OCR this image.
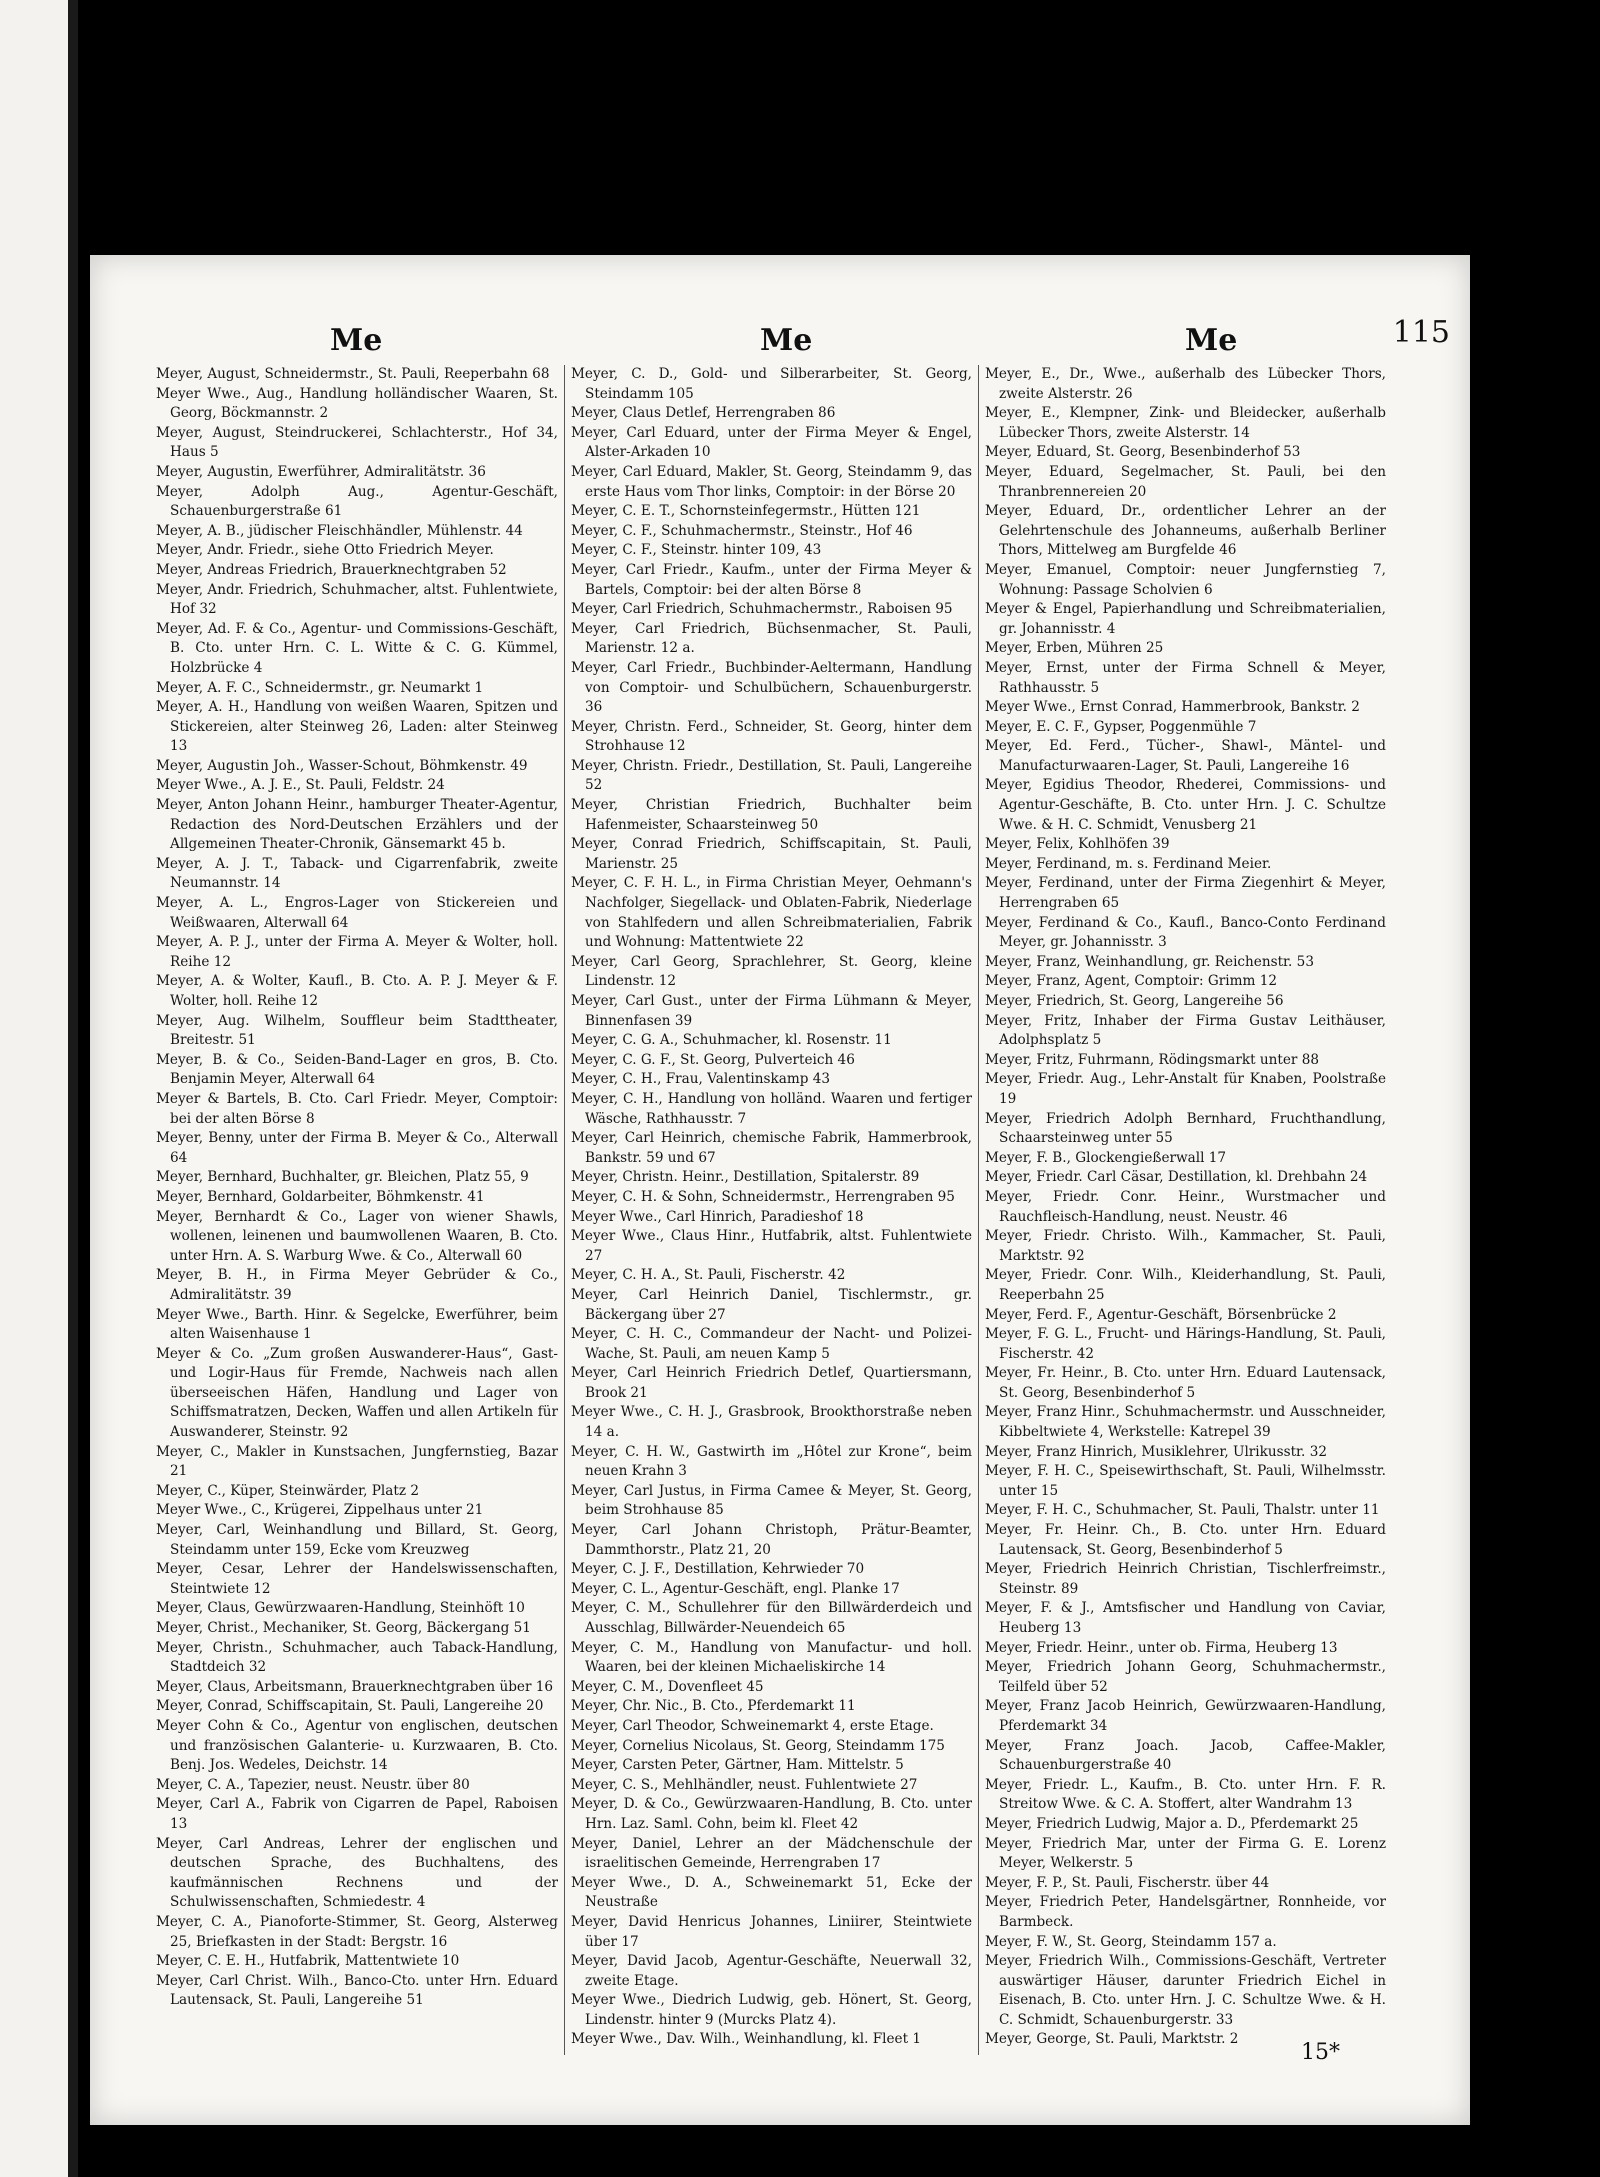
Me	Me	Me	115

Meyer, August, Schneidermstr., St. Pauli, Reeperbahn 68

Meyer Wwe., Aug., Handlung holländischer Waaren, St. Georg, Böckmannstr. 2

Meyer, August, Steindruckerei, Schlachterstr., Hof 34, Haus 5

Meyer, Augustin, Ewerführer, Admiralitätstr. 36

Meyer, Adolph Aug., Agentur-Geschäft, Schauenburgerstraße 61

Meyer, A. B., jüdischer Fleischhändler, Mühlenstr. 44

Meyer, Andr. Friedr., siehe Otto Friedrich Meyer.

Meyer, Andreas Friedrich, Brauerknechtgraben 52

Meyer, Andr. Friedrich, Schuhmacher, altst. Fuhlentwiete, Hof 32

Meyer, Ad. F. & Co., Agentur- und Commissions-Geschäft, B. Cto. unter Hrn. C. L. Witte & C. G. Kümmel, Holzbrücke 4

Meyer, A. F. C., Schneidermstr., gr. Neumarkt 1

Meyer, A. H., Handlung von weißen Waaren, Spitzen und Stickereien, alter Steinweg 26, Laden: alter Steinweg 13

Meyer, Augustin Joh., Wasser-Schout, Böhmkenstr. 49

Meyer Wwe., A. J. E., St. Pauli, Feldstr. 24

Meyer, Anton Johann Heinr., hamburger Theater-Agentur, Redaction des Nord-Deutschen Erzählers und der Allgemeinen Theater-Chronik, Gänsemarkt 45 b.

Meyer, A. J. T., Taback- und Cigarrenfabrik, zweite Neumannstr. 14

Meyer, A. L., Engros-Lager von Stickereien und Weißwaaren, Alterwall 64

Meyer, A. P. J., unter der Firma A. Meyer & Wolter, holl. Reihe 12

Meyer, A. & Wolter, Kaufl., B. Cto. A. P. J. Meyer & F. Wolter, holl. Reihe 12

Meyer, Aug. Wilhelm, Souffleur beim Stadttheater, Breitestr. 51

Meyer, B. & Co., Seiden-Band-Lager en gros, B. Cto. Benjamin Meyer, Alterwall 64

Meyer & Bartels, B. Cto. Carl Friedr. Meyer, Comptoir: bei der alten Börse 8

Meyer, Benny, unter der Firma B. Meyer & Co., Alterwall 64

Meyer, Bernhard, Buchhalter, gr. Bleichen, Platz 55, 9

Meyer, Bernhard, Goldarbeiter, Böhmkenstr. 41

Meyer, Bernhardt & Co., Lager von wiener Shawls, wollenen, leinenen und baumwollenen Waaren, B. Cto. unter Hrn. A. S. Warburg Wwe. & Co., Alterwall 60

Meyer, B. H., in Firma Meyer Gebrüder & Co., Admiralitätstr. 39

Meyer Wwe., Barth. Hinr. & Segelcke, Ewerführer, beim alten Waisenhause 1

Meyer & Co. „Zum großen Auswanderer-Haus“, Gast- und Logir-Haus für Fremde, Nachweis nach allen überseeischen Häfen, Handlung und Lager von Schiffsmatratzen, Decken, Waffen und allen Artikeln für Auswanderer, Steinstr. 92

Meyer, C., Makler in Kunstsachen, Jungfernstieg, Bazar 21

Meyer, C., Küper, Steinwärder, Platz 2

Meyer Wwe., C., Krügerei, Zippelhaus unter 21

Meyer, Carl, Weinhandlung und Billard, St. Georg, Steindamm unter 159, Ecke vom Kreuzweg

Meyer, Cesar, Lehrer der Handelswissenschaften, Steintwiete 12

Meyer, Claus, Gewürzwaaren-Handlung, Steinhöft 10

Meyer, Christ., Mechaniker, St. Georg, Bäckergang 51

Meyer, Christn., Schuhmacher, auch Taback-Handlung, Stadtdeich 32

Meyer, Claus, Arbeitsmann, Brauerknechtgraben über 16

Meyer, Conrad, Schiffscapitain, St. Pauli, Langereihe 20

Meyer Cohn & Co., Agentur von englischen, deutschen und französischen Galanterie- u. Kurzwaaren, B. Cto. Benj. Jos. Wedeles, Deichstr. 14

Meyer, C. A., Tapezier, neust. Neustr. über 80

Meyer, Carl A., Fabrik von Cigarren de Papel, Raboisen 13

Meyer, Carl Andreas, Lehrer der englischen und deutschen Sprache, des Buchhaltens, des kaufmännischen Rechnens und der Schulwissenschaften, Schmiedestr. 4

Meyer, C. A., Pianoforte-Stimmer, St. Georg, Alsterweg 25, Briefkasten in der Stadt: Bergstr. 16

Meyer, C. E. H., Hutfabrik, Mattentwiete 10

Meyer, Carl Christ. Wilh., Banco-Cto. unter Hrn. Eduard Lautensack, St. Pauli, Langereihe 51

Meyer, C. D., Gold- und Silberarbeiter, St. Georg, Steindamm 105

Meyer, Claus Detlef, Herrengraben 86

Meyer, Carl Eduard, unter der Firma Meyer & Engel, Alster-Arkaden 10

Meyer, Carl Eduard, Makler, St. Georg, Steindamm 9, das erste Haus vom Thor links, Comptoir: in der Börse 20

Meyer, C. E. T., Schornsteinfegermstr., Hütten 121

Meyer, C. F., Schuhmachermstr., Steinstr., Hof 46

Meyer, C. F., Steinstr. hinter 109, 43

Meyer, Carl Friedr., Kaufm., unter der Firma Meyer & Bartels, Comptoir: bei der alten Börse 8

Meyer, Carl Friedrich, Schuhmachermstr., Raboisen 95

Meyer, Carl Friedrich, Büchsenmacher, St. Pauli, Marienstr. 12 a.

Meyer, Carl Friedr., Buchbinder-Aeltermann, Handlung von Comptoir- und Schulbüchern, Schauenburgerstr. 36

Meyer, Christn. Ferd., Schneider, St. Georg, hinter dem Strohhause 12

Meyer, Christn. Friedr., Destillation, St. Pauli, Langereihe 52

Meyer, Christian Friedrich, Buchhalter beim Hafenmeister, Schaarsteinweg 50

Meyer, Conrad Friedrich, Schiffscapitain, St. Pauli, Marienstr. 25

Meyer, C. F. H. L., in Firma Christian Meyer, Oehmann's Nachfolger, Siegellack- und Oblaten-Fabrik, Niederlage von Stahlfedern und allen Schreibmaterialien, Fabrik und Wohnung: Mattentwiete 22

Meyer, Carl Georg, Sprachlehrer, St. Georg, kleine Lindenstr. 12

Meyer, Carl Gust., unter der Firma Lühmann & Meyer, Binnenfasen 39

Meyer, C. G. A., Schuhmacher, kl. Rosenstr. 11

Meyer, C. G. F., St. Georg, Pulverteich 46

Meyer, C. H., Frau, Valentinskamp 43

Meyer, C. H., Handlung von holländ. Waaren und fertiger Wäsche, Rathhausstr. 7

Meyer, Carl Heinrich, chemische Fabrik, Hammerbrook, Bankstr. 59 und 67

Meyer, Christn. Heinr., Destillation, Spitalerstr. 89

Meyer, C. H. & Sohn, Schneidermstr., Herrengraben 95

Meyer Wwe., Carl Hinrich, Paradieshof 18

Meyer Wwe., Claus Hinr., Hutfabrik, altst. Fuhlentwiete 27

Meyer, C. H. A., St. Pauli, Fischerstr. 42

Meyer, Carl Heinrich Daniel, Tischlermstr., gr. Bäckergang über 27

Meyer, C. H. C., Commandeur der Nacht- und Polizei-Wache, St. Pauli, am neuen Kamp 5

Meyer, Carl Heinrich Friedrich Detlef, Quartiersmann, Brook 21

Meyer Wwe., C. H. J., Grasbrook, Brookthorstraße neben 14 a.

Meyer, C. H. W., Gastwirth im „Hôtel zur Krone“, beim neuen Krahn 3

Meyer, Carl Justus, in Firma Camee & Meyer, St. Georg, beim Strohhause 85

Meyer, Carl Johann Christoph, Prätur-Beamter, Dammthorstr., Platz 21, 20

Meyer, C. J. F., Destillation, Kehrwieder 70

Meyer, C. L., Agentur-Geschäft, engl. Planke 17

Meyer, C. M., Schullehrer für den Billwärderdeich und Ausschlag, Billwärder-Neuendeich 65

Meyer, C. M., Handlung von Manufactur- und holl. Waaren, bei der kleinen Michaeliskirche 14

Meyer, C. M., Dovenfleet 45

Meyer, Chr. Nic., B. Cto., Pferdemarkt 11

Meyer, Carl Theodor, Schweinemarkt 4, erste Etage.

Meyer, Cornelius Nicolaus, St. Georg, Steindamm 175

Meyer, Carsten Peter, Gärtner, Ham. Mittelstr. 5

Meyer, C. S., Mehlhändler, neust. Fuhlentwiete 27

Meyer, D. & Co., Gewürzwaaren-Handlung, B. Cto. unter Hrn. Laz. Saml. Cohn, beim kl. Fleet 42

Meyer, Daniel, Lehrer an der Mädchenschule der israelitischen Gemeinde, Herrengraben 17

Meyer Wwe., D. A., Schweinemarkt 51, Ecke der Neustraße

Meyer, David Henricus Johannes, Liniirer, Steintwiete über 17

Meyer, David Jacob, Agentur-Geschäfte, Neuerwall 32, zweite Etage.

Meyer Wwe., Diedrich Ludwig, geb. Hönert, St. Georg, Lindenstr. hinter 9 (Murcks Platz 4).

Meyer Wwe., Dav. Wilh., Weinhandlung, kl. Fleet 1

Meyer, E., Dr., Wwe., außerhalb des Lübecker Thors, zweite Alsterstr. 26

Meyer, E., Klempner, Zink- und Bleidecker, außerhalb Lübecker Thors, zweite Alsterstr. 14

Meyer, Eduard, St. Georg, Besenbinderhof 53

Meyer, Eduard, Segelmacher, St. Pauli, bei den Thranbrennereien 20

Meyer, Eduard, Dr., ordentlicher Lehrer an der Gelehrtenschule des Johanneums, außerhalb Berliner Thors, Mittelweg am Burgfelde 46

Meyer, Emanuel, Comptoir: neuer Jungfernstieg 7, Wohnung: Passage Scholvien 6

Meyer & Engel, Papierhandlung und Schreibmaterialien, gr. Johannisstr. 4

Meyer, Erben, Mühren 25

Meyer, Ernst, unter der Firma Schnell & Meyer, Rathhausstr. 5

Meyer Wwe., Ernst Conrad, Hammerbrook, Bankstr. 2

Meyer, E. C. F., Gypser, Poggenmühle 7

Meyer, Ed. Ferd., Tücher-, Shawl-, Mäntel- und Manufacturwaaren-Lager, St. Pauli, Langereihe 16

Meyer, Egidius Theodor, Rhederei, Commissions- und Agentur-Geschäfte, B. Cto. unter Hrn. J. C. Schultze Wwe. & H. C. Schmidt, Venusberg 21

Meyer, Felix, Kohlhöfen 39

Meyer, Ferdinand, m. s. Ferdinand Meier.

Meyer, Ferdinand, unter der Firma Ziegenhirt & Meyer, Herrengraben 65

Meyer, Ferdinand & Co., Kaufl., Banco-Conto Ferdinand Meyer, gr. Johannisstr. 3

Meyer, Franz, Weinhandlung, gr. Reichenstr. 53

Meyer, Franz, Agent, Comptoir: Grimm 12

Meyer, Friedrich, St. Georg, Langereihe 56

Meyer, Fritz, Inhaber der Firma Gustav Leithäuser, Adolphsplatz 5

Meyer, Fritz, Fuhrmann, Rödingsmarkt unter 88

Meyer, Friedr. Aug., Lehr-Anstalt für Knaben, Poolstraße 19

Meyer, Friedrich Adolph Bernhard, Fruchthandlung, Schaarsteinweg unter 55

Meyer, F. B., Glockengießerwall 17

Meyer, Friedr. Carl Cäsar, Destillation, kl. Drehbahn 24

Meyer, Friedr. Conr. Heinr., Wurstmacher und Rauchfleisch-Handlung, neust. Neustr. 46

Meyer, Friedr. Christo. Wilh., Kammacher, St. Pauli, Marktstr. 92

Meyer, Friedr. Conr. Wilh., Kleiderhandlung, St. Pauli, Reeperbahn 25

Meyer, Ferd. F., Agentur-Geschäft, Börsenbrücke 2

Meyer, F. G. L., Frucht- und Härings-Handlung, St. Pauli, Fischerstr. 42

Meyer, Fr. Heinr., B. Cto. unter Hrn. Eduard Lautensack, St. Georg, Besenbinderhof 5

Meyer, Franz Hinr., Schuhmachermstr. und Ausschneider, Kibbeltwiete 4, Werkstelle: Katrepel 39

Meyer, Franz Hinrich, Musiklehrer, Ulrikusstr. 32

Meyer, F. H. C., Speisewirthschaft, St. Pauli, Wilhelmsstr. unter 15

Meyer, F. H. C., Schuhmacher, St. Pauli, Thalstr. unter 11

Meyer, Fr. Heinr. Ch., B. Cto. unter Hrn. Eduard Lautensack, St. Georg, Besenbinderhof 5

Meyer, Friedrich Heinrich Christian, Tischlerfreimstr., Steinstr. 89

Meyer, F. & J., Amtsfischer und Handlung von Caviar, Heuberg 13

Meyer, Friedr. Heinr., unter ob. Firma, Heuberg 13

Meyer, Friedrich Johann Georg, Schuhmachermstr., Teilfeld über 52

Meyer, Franz Jacob Heinrich, Gewürzwaaren-Handlung, Pferdemarkt 34

Meyer, Franz Joach. Jacob, Caffee-Makler, Schauenburgerstraße 40

Meyer, Friedr. L., Kaufm., B. Cto. unter Hrn. F. R. Streitow Wwe. & C. A. Stoffert, alter Wandrahm 13

Meyer, Friedrich Ludwig, Major a. D., Pferdemarkt 25

Meyer, Friedrich Mar, unter der Firma G. E. Lorenz Meyer, Welkerstr. 5

Meyer, F. P., St. Pauli, Fischerstr. über 44

Meyer, Friedrich Peter, Handelsgärtner, Ronnheide, vor Barmbeck.

Meyer, F. W., St. Georg, Steindamm 157 a.

Meyer, Friedrich Wilh., Commissions-Geschäft, Vertreter auswärtiger Häuser, darunter Friedrich Eichel in Eisenach, B. Cto. unter Hrn. J. C. Schultze Wwe. & H. C. Schmidt, Schauenburgerstr. 33

Meyer, George, St. Pauli, Marktstr. 2

15*
